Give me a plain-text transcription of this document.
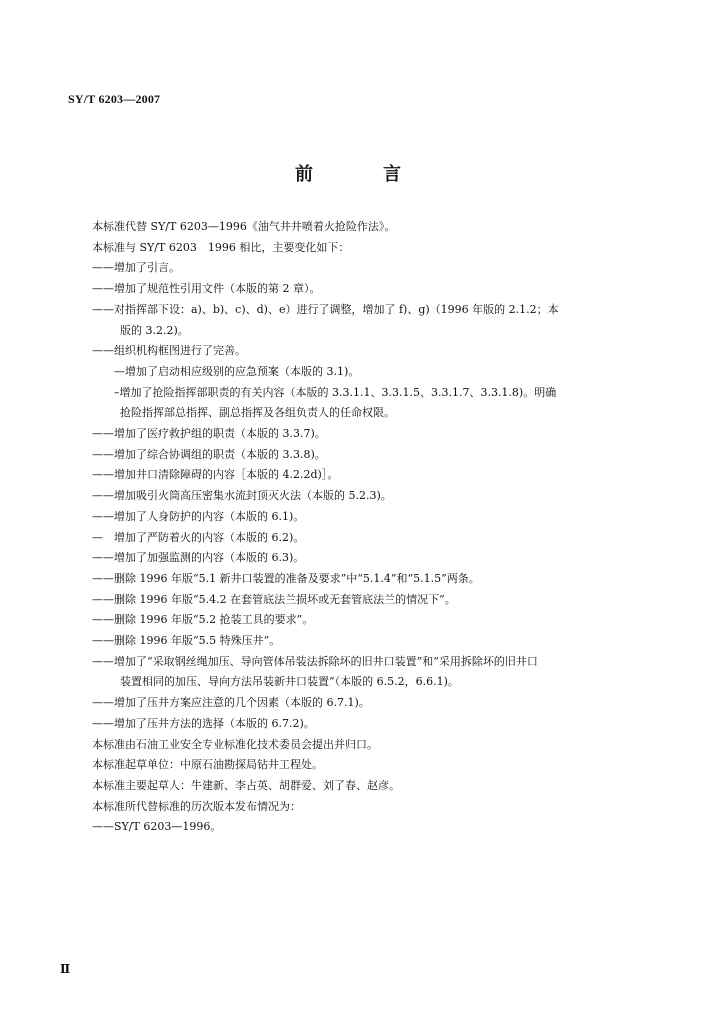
SY/T 6203—2007
前　言
本标准代替 SY/T 6203—1996《油气井井喷着火抢险作法》。
本标准与 SY/T 6203　1996 相比，主要变化如下：
——增加了引言。
——增加了规范性引用文件（本版的第 2 章）。
——对指挥部下设：a)、b)、c)、d)、e）进行了调整，增加了 f)、g)（1996 年版的 2.1.2；本
版的 3.2.2)。
——组织机构框图进行了完善。
—增加了启动相应级别的应急预案（本版的 3.1)。
–增加了抢险指挥部职责的有关内容（本版的 3.3.1.1、3.3.1.5、3.3.1.7、3.3.1.8)。明确
抢险指挥部总指挥、副总指挥及各组负责人的任命权限。
——增加了医疗救护组的职责（本版的 3.3.7)。
——增加了综合协调组的职责（本版的 3.3.8)。
——增加井口清除障碍的内容［本版的 4.2.2d)］。
——增加吸引火筒高压密集水流封顶灭火法（本版的 5.2.3)。
——增加了人身防护的内容（本版的 6.1)。
—　增加了严防着火的内容（本版的 6.2)。
——增加了加强监测的内容（本版的 6.3)。
——删除 1996 年版“5.1 新井口装置的准备及要求”中“5.1.4”和“5.1.5”两条。
——删除 1996 年版“5.4.2 在套管底法兰损坏或无套管底法兰的情况下”。
——删除 1996 年版“5.2 抢装工具的要求”。
——删除 1996 年版“5.5 特殊压井”。
——增加了“采取钢丝绳加压、导向管体吊装法拆除坏的旧井口装置”和“采用拆除坏的旧井口
装置相同的加压、导向方法吊装新井口装置”（本版的 6.5.2，6.6.1)。
——增加了压井方案应注意的几个因素（本版的 6.7.1)。
——增加了压井方法的选择（本版的 6.7.2)。
本标准由石油工业安全专业标准化技术委员会提出并归口。
本标准起草单位：中原石油勘探局钻井工程处。
本标准主要起草人：牛建新、李占英、胡群爱、刘了春、赵彦。
本标准所代替标准的历次版本发布情况为：
——SY/T 6203—1996。
Ⅱ
